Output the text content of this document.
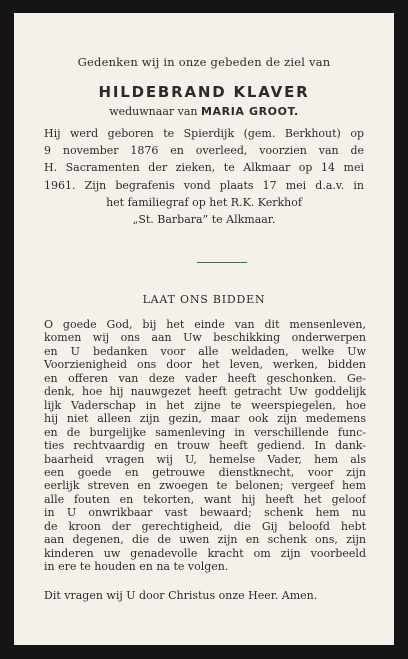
Gedenken wij in onze gebeden de ziel van
HILDEBRAND KLAVER
weduwnaar van MARIA GROOT.
Hij werd geboren te Spierdijk (gem. Berkhout) op
9 november 1876 en overleed, voorzien van de
H. Sacramenten der zieken, te Alkmaar op 14 mei
1961. Zijn begrafenis vond plaats 17 mei d.a.v. in
het familiegraf op het R.K. Kerkhof
„St. Barbara” te Alkmaar.
LAAT ONS BIDDEN
O goede God, bij het einde van dit mensenleven,
komen wij ons aan Uw beschikking onderwerpen
en U bedanken voor alle weldaden, welke Uw
Voorzienigheid ons door het leven, werken, bidden
en offeren van deze vader heeft geschonken. Ge-
denk, hoe hij nauwgezet heeft getracht Uw goddelijk
lijk Vaderschap in het zijne te weerspiegelen, hoe
hij niet alleen zijn gezin, maar ook zijn medemens
en de burgelijke samenleving in verschillende func-
ties rechtvaardig en trouw heeft gediend. In dank-
baarheid vragen wij U, hemelse Vader, hem als
een goede en getrouwe dienstknecht, voor zijn
eerlijk streven en zwoegen te belonen; vergeef hem
alle fouten en tekorten, want hij heeft het geloof
in U onwrikbaar vast bewaard; schenk hem nu
de kroon der gerechtigheid, die Gij beloofd hebt
aan degenen, die de uwen zijn en schenk ons, zijn
kinderen uw genadevolle kracht om zijn voorbeeld
in ere te houden en na te volgen.
Dit vragen wij U door Christus onze Heer. Amen.
